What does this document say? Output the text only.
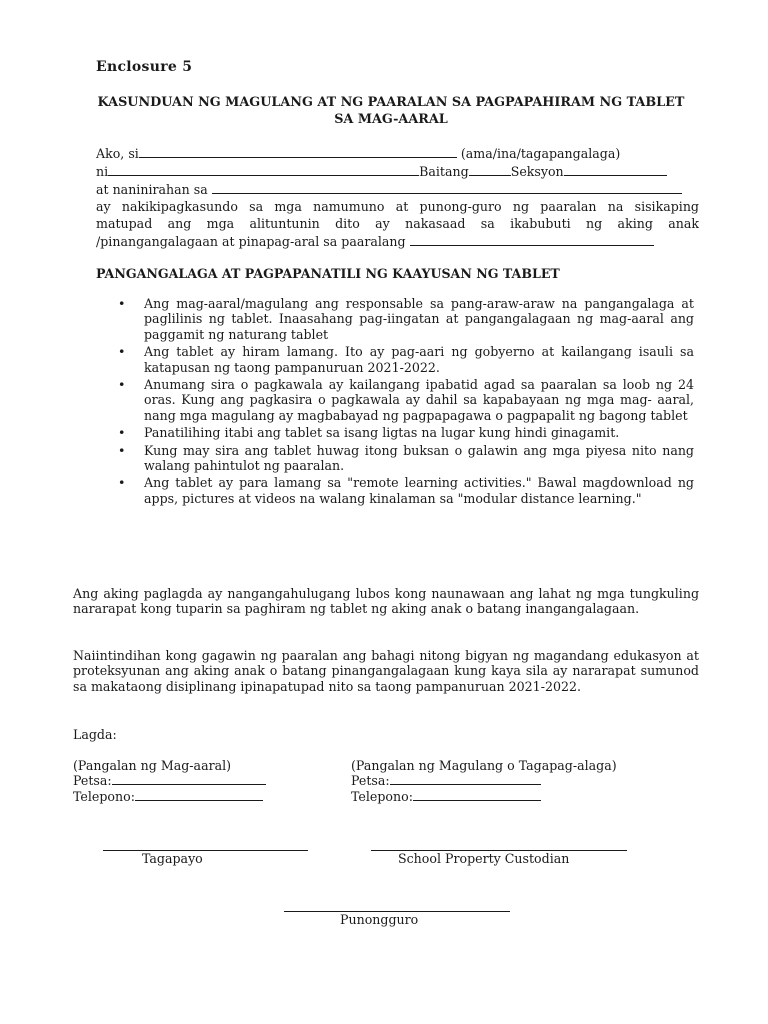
Enclosure 5
KASUNDUAN NG MAGULANG AT NG PAARALAN SA PAGPAPAHIRAM NG TABLET SA MAG-AARAL
Ako, si	(ama/ina/tagapangalaga)
ni	Baitang	Seksyon
at naninirahan sa
ay nakikipagkasundo sa mga namumuno at punong-guro ng paaralan na sisikaping
matupad ang mga alituntunin dito ay nakasaad sa ikabubuti ng aking anak
/pinangangalagaan at pinapag-aral sa paaralang
PANGANGALAGA AT PAGPAPANATILI NG KAAYUSAN NG TABLET
• Ang mag-aaral/magulang ang responsable sa pang-araw-araw na pangangalaga at paglilinis ng tablet. Inaasahang pag-iingatan at pangangalagaan ng mag-aaral ang paggamit ng naturang tablet
• Ang tablet ay hiram lamang. Ito ay pag-aari ng gobyerno at kailangang isauli sa katapusan ng taong pampanuruan 2021-2022.
• Anumang sira o pagkawala ay kailangang ipabatid agad sa paaralan sa loob ng 24 oras. Kung ang pagkasira o pagkawala ay dahil sa kapabayaan ng mga mag- aaral, nang mga magulang ay magbabayad ng pagpapagawa o pagpapalit ng bagong tablet
• Panatilihing itabi ang tablet sa isang ligtas na lugar kung hindi ginagamit.
• Kung may sira ang tablet huwag itong buksan o galawin ang mga piyesa nito nang walang pahintulot ng paaralan.
• Ang tablet ay para lamang sa "remote learning activities." Bawal magdownload ng apps, pictures at videos na walang kinalaman sa "modular distance learning."
Ang aking paglagda ay nangangahulugang lubos kong naunawaan ang lahat ng mga tungkuling nararapat kong tuparin sa paghiram ng tablet ng aking anak o batang inangangalagaan.
Naiintindihan kong gagawin ng paaralan ang bahagi nitong bigyan ng magandang edukasyon at proteksyunan ang aking anak o batang pinangangalagaan kung kaya sila ay nararapat sumunod sa makataong disiplinang ipinapatupad nito sa taong pampanuruan 2021-2022.
Lagda:
(Pangalan ng Mag-aaral)	(Pangalan ng Magulang o Tagapag-alaga)
Petsa:	Petsa:
Telepono:	Telepono:
Tagapayo	School Property Custodian
Punongguro
